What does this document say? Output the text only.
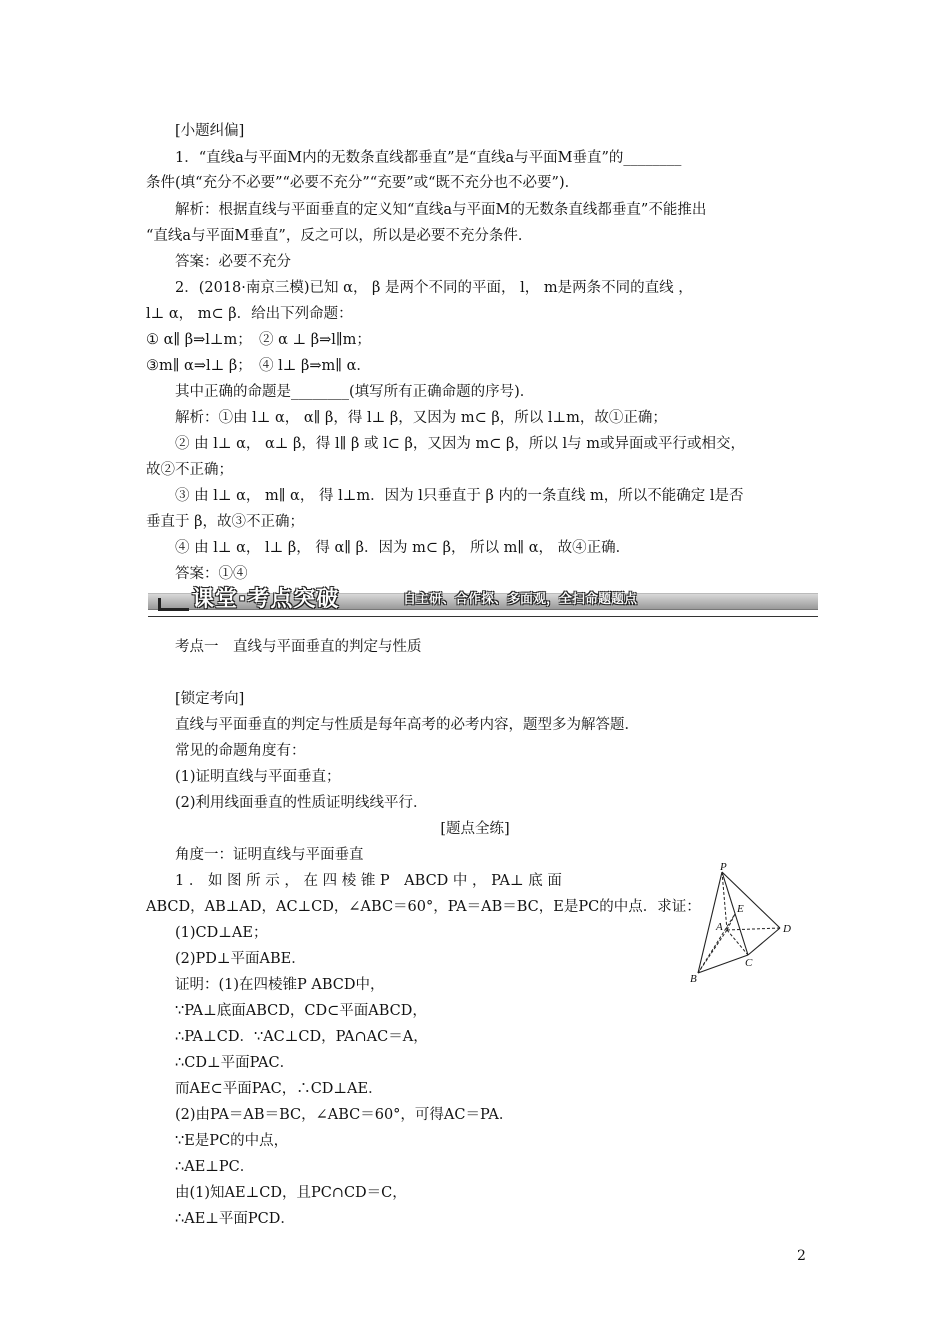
[小题纠偏]
1．“直线a与平面M内的无数条直线都垂直”是“直线a与平面M垂直”的________
条件(填“充分不必要”“必要不充分”“充要”或“既不充分也不必要”)．
解析：根据直线与平面垂直的定义知“直线a与平面M的无数条直线都垂直”不能推出
“直线a与平面M垂直”，反之可以，所以是必要不充分条件．
答案：必要不充分
2．(2018·南京三模)已知 α， β 是两个不同的平面， l， m是两条不同的直线 ，
l⊥ α， m⊂ β．给出下列命题：
① α∥ β⇒l⊥m；　② α ⊥ β⇒l∥m；
③m∥ α⇒l⊥ β；　④ l⊥ β⇒m∥ α．
其中正确的命题是________(填写所有正确命题的序号)．
解析：①由 l⊥ α， α∥ β，得 l⊥ β，又因为 m⊂ β，所以 l⊥m，故①正确；
② 由 l⊥ α， α⊥ β，得 l∥ β 或 l⊂ β，又因为 m⊂ β，所以 l与 m或异面或平行或相交，
故②不正确；
③ 由 l⊥ α， m∥ α， 得 l⊥m．因为 l只垂直于 β 内的一条直线 m，所以不能确定 l是否
垂直于 β，故③不正确；
④ 由 l⊥ α， l⊥ β， 得 α∥ β．因为 m⊂ β， 所以 m∥ α， 故④正确．
答案：①④
考点一　直线与平面垂直的判定与性质
[锁定考向]
直线与平面垂直的判定与性质是每年高考的必考内容，题型多为解答题．
常见的命题角度有：
(1)证明直线与平面垂直；
(2)利用线面垂直的性质证明线线平行．
角度一：证明直线与平面垂直
1 ． 如 图 所 示 ， 在 四 棱 锥 P　ABCD 中 ， PA⊥ 底 面
ABCD，AB⊥AD，AC⊥CD，∠ABC＝60°，PA＝AB＝BC，E是PC的中点．求证：
(1)CD⊥AE；
(2)PD⊥平面ABE．
证明：(1)在四棱锥P ABCD中，
∵PA⊥底面ABCD，CD⊂平面ABCD，
∴PA⊥CD．∵AC⊥CD，PA∩AC＝A，
∴CD⊥平面PAC．
而AE⊂平面PAC，∴CD⊥AE．
(2)由PA＝AB＝BC，∠ABC＝60°，可得AC＝PA．
∵E是PC的中点，
∴AE⊥PC．
由(1)知AE⊥CD，且PC∩CD＝C，
∴AE⊥平面PCD．
课堂·考点突破	自主研、合作探、多面观，全扫命题题点
P
A
B
C
D
E
[题点全练]
2
